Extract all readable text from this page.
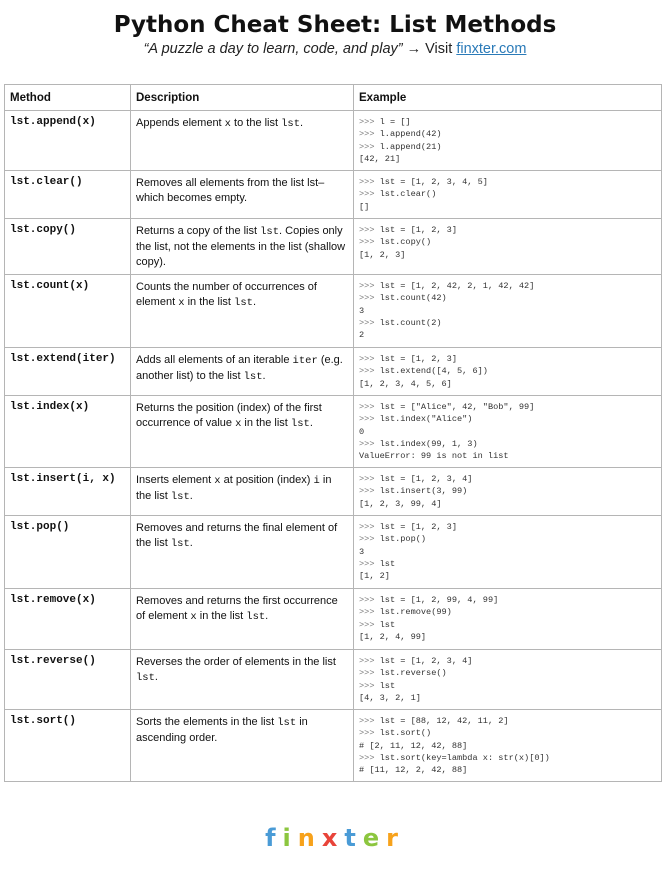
Python Cheat Sheet: List Methods
“A puzzle a day to learn, code, and play” → Visit finxter.com
Method	Description	Example
lst.append(x)	Appends element x to the list lst.	>>> l = []
>>> l.append(42)
>>> l.append(21)
[42, 21]

lst.clear()	Removes all elements from the list lst–which becomes empty.	>>> lst = [1, 2, 3, 4, 5]
>>> lst.clear()
[]

lst.copy()	Returns a copy of the list lst. Copies only the list, not the elements in the list (shallow copy).	>>> lst = [1, 2, 3]
>>> lst.copy()
[1, 2, 3]

lst.count(x)	Counts the number of occurrences of element x in the list lst.	>>> lst = [1, 2, 42, 2, 1, 42, 42]
>>> lst.count(42)
3
>>> lst.count(2)
2

lst.extend(iter)	Adds all elements of an iterable iter (e.g. another list) to the list lst.	>>> lst = [1, 2, 3]
>>> lst.extend([4, 5, 6])
[1, 2, 3, 4, 5, 6]

lst.index(x)	Returns the position (index) of the first occurrence of value x in the list lst.	>>> lst = ["Alice", 42, "Bob", 99]
>>> lst.index("Alice")
0
>>> lst.index(99, 1, 3)
ValueError: 99 is not in list

lst.insert(i, x)	Inserts element x at position (index) i in the list lst.	>>> lst = [1, 2, 3, 4]
>>> lst.insert(3, 99)
[1, 2, 3, 99, 4]

lst.pop()	Removes and returns the final element of the list lst.	>>> lst = [1, 2, 3]
>>> lst.pop()
3
>>> lst
[1, 2]

lst.remove(x)	Removes and returns the first occurrence of element x in the list lst.	>>> lst = [1, 2, 99, 4, 99]
>>> lst.remove(99)
>>> lst
[1, 2, 4, 99]

lst.reverse()	Reverses the order of elements in the list lst.	>>> lst = [1, 2, 3, 4]
>>> lst.reverse()
>>> lst
[4, 3, 2, 1]

lst.sort()	Sorts the elements in the list lst in ascending order.	>>> lst = [88, 12, 42, 11, 2]
>>> lst.sort()
# [2, 11, 12, 42, 88]
>>> lst.sort(key=lambda x: str(x)[0])
# [11, 12, 2, 42, 88]
finxter
